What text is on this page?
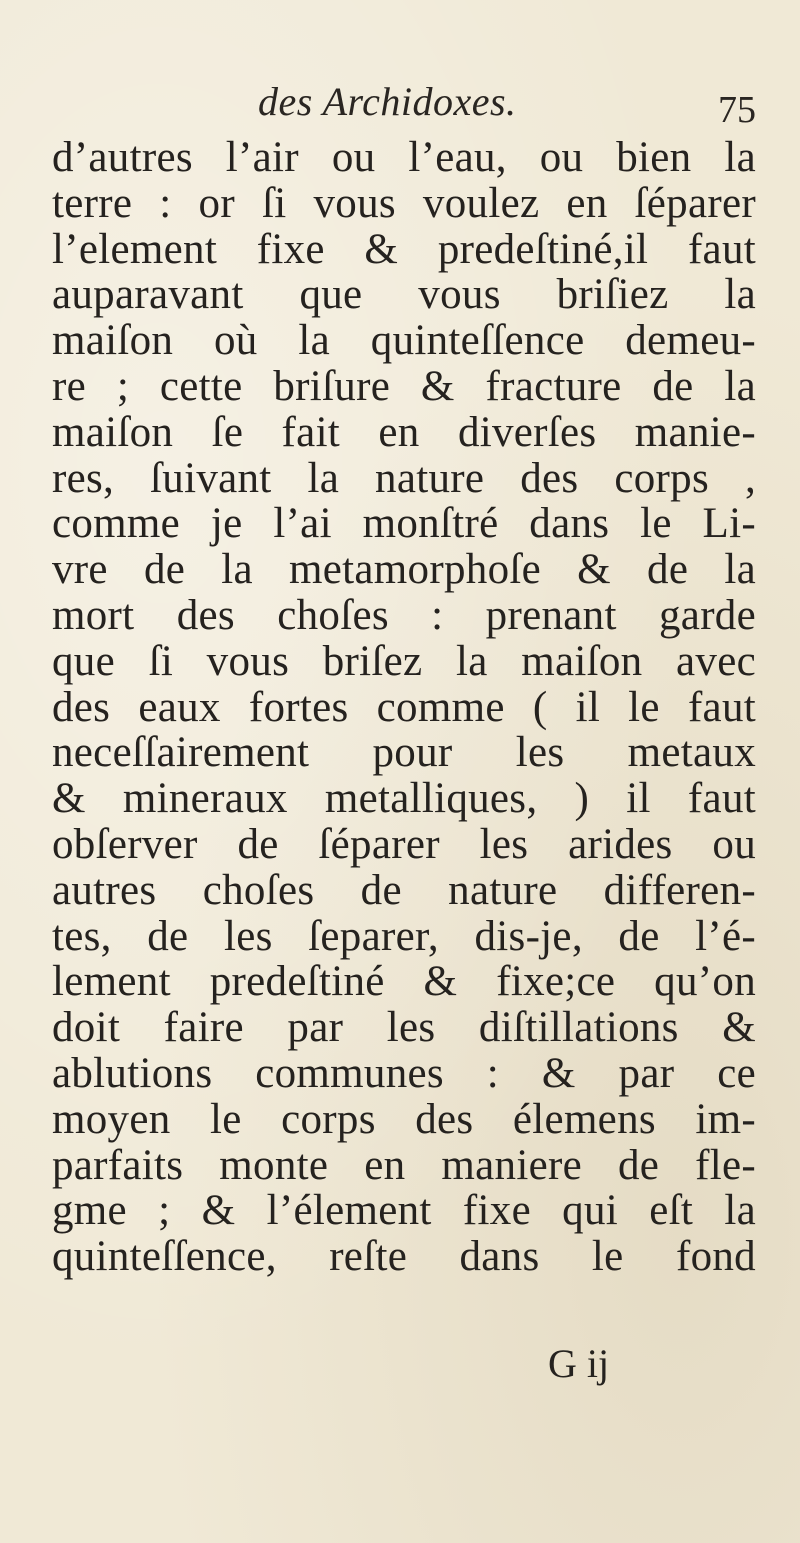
des Archidoxes.	75
d’autres l’air ou l’eau, ou bien la
terre : or ſi vous voulez en ſéparer
l’element fixe & predeſtiné,il faut
auparavant que vous briſiez la
maiſon où la quinteſſence demeu-
re ; cette briſure & fracture de la
maiſon ſe fait en diverſes manie-
res, ſuivant la nature des corps ,
comme je l’ai monſtré dans le Li-
vre de la metamorphoſe & de la
mort des choſes : prenant garde
que ſi vous briſez la maiſon avec
des eaux fortes comme ( il le faut
neceſſairement pour les metaux
& mineraux metalliques, ) il faut
obſerver de ſéparer les arides ou
autres choſes de nature differen-
tes, de les ſeparer, dis-je, de l’é-
lement predeſtiné & fixe;ce qu’on
doit faire par les diſtillations &
ablutions communes : & par ce
moyen le corps des élemens im-
parfaits monte en maniere de fle-
gme ; & l’élement fixe qui eſt la
quinteſſence, reſte dans le fond
G ij
